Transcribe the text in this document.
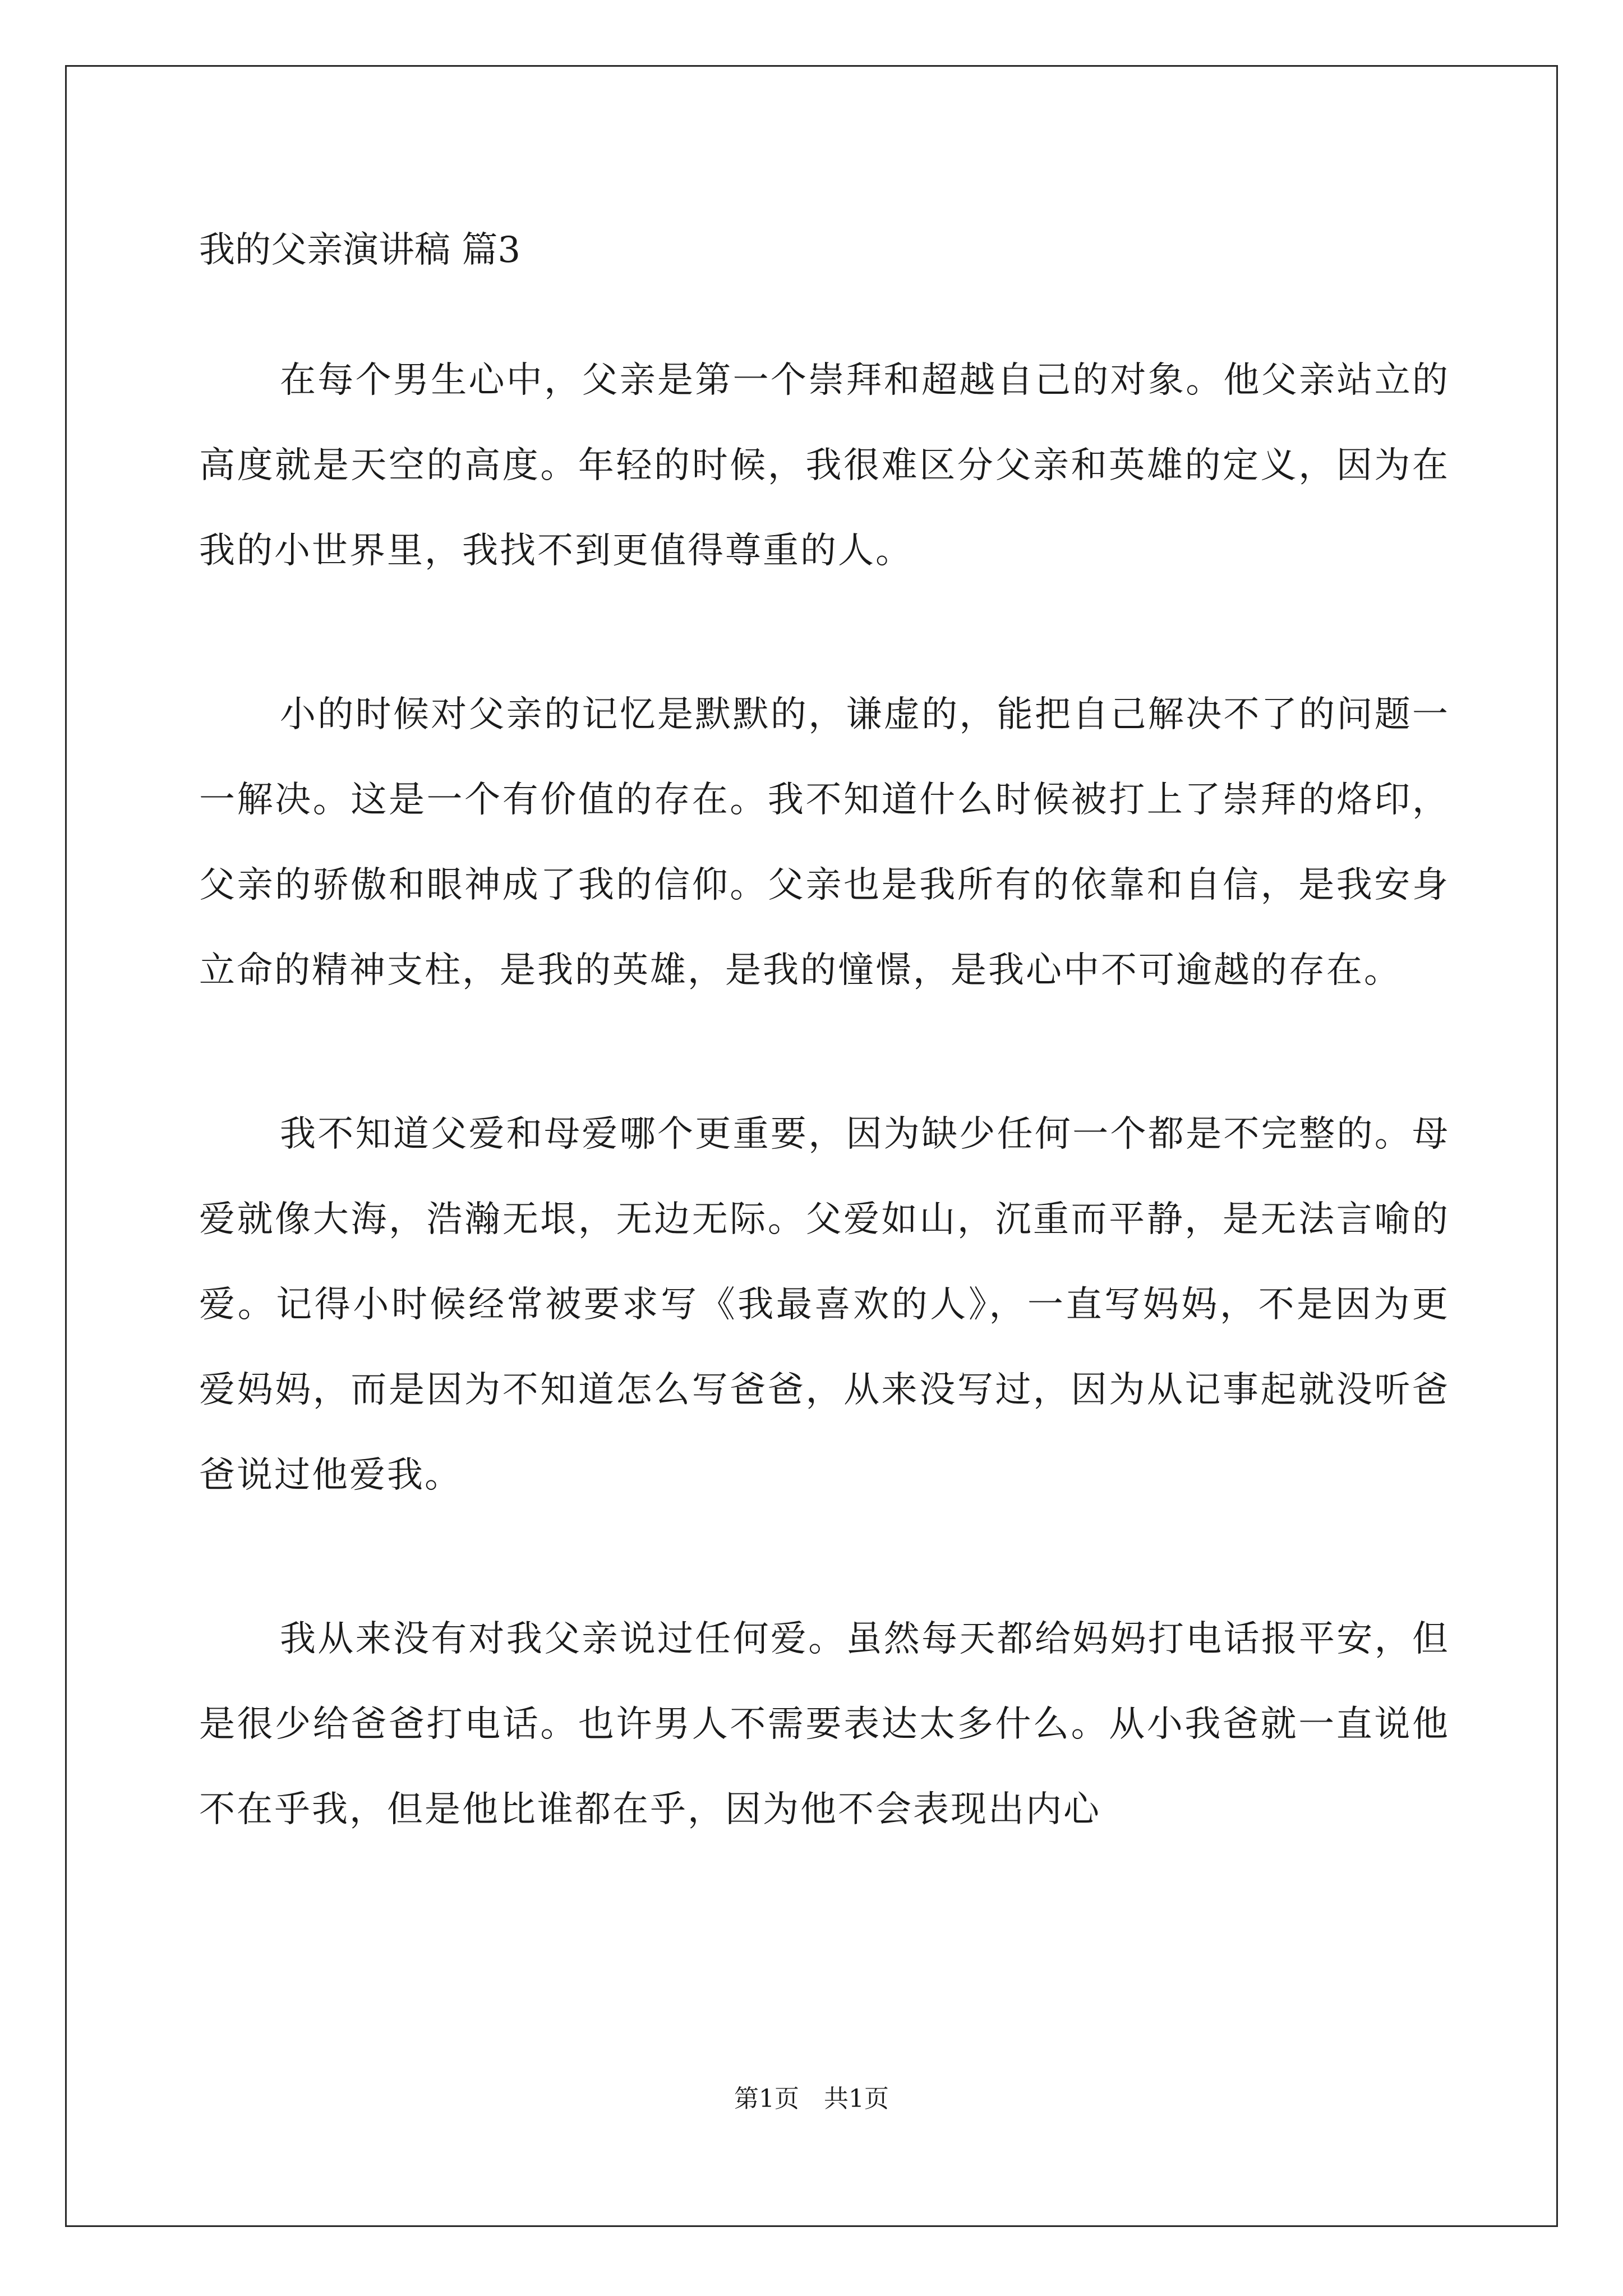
我的父亲演讲稿 篇3

在每个男生心中，父亲是第一个崇拜和超越自己的对象。他父亲站立的高度就是天空的高度。年轻的时候，我很难区分父亲和英雄的定义，因为在我的小世界里，我找不到更值得尊重的人。

小的时候对父亲的记忆是默默的，谦虚的，能把自己解决不了的问题一一解决。这是一个有价值的存在。我不知道什么时候被打上了崇拜的烙印，父亲的骄傲和眼神成了我的信仰。父亲也是我所有的依靠和自信，是我安身立命的精神支柱，是我的英雄，是我的憧憬，是我心中不可逾越的存在。

我不知道父爱和母爱哪个更重要，因为缺少任何一个都是不完整的。母爱就像大海，浩瀚无垠，无边无际。父爱如山，沉重而平静，是无法言喻的爱。记得小时候经常被要求写《我最喜欢的人》，一直写妈妈，不是因为更爱妈妈，而是因为不知道怎么写爸爸，从来没写过，因为从记事起就没听爸爸说过他爱我。

我从来没有对我父亲说过任何爱。虽然每天都给妈妈打电话报平安，但是很少给爸爸打电话。也许男人不需要表达太多什么。从小我爸就一直说他不在乎我，但是他比谁都在乎，因为他不会表现出内心

第1页　共1页
